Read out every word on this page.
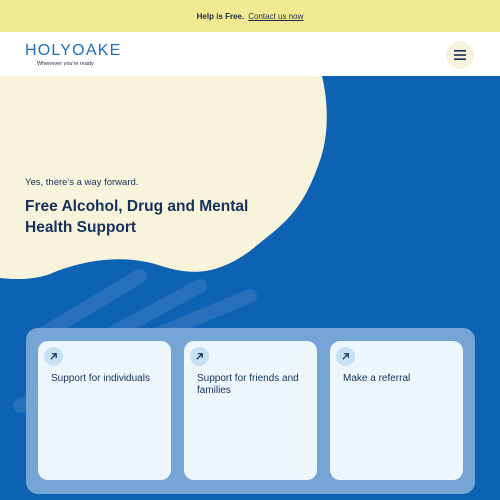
Help is Free. Contact us now
HOLYOAKE
Whenever you're ready
Yes, there's a way forward.
Free Alcohol, Drug and Mental Health Support
Support for individuals	Support for friends and families
Make a referral
